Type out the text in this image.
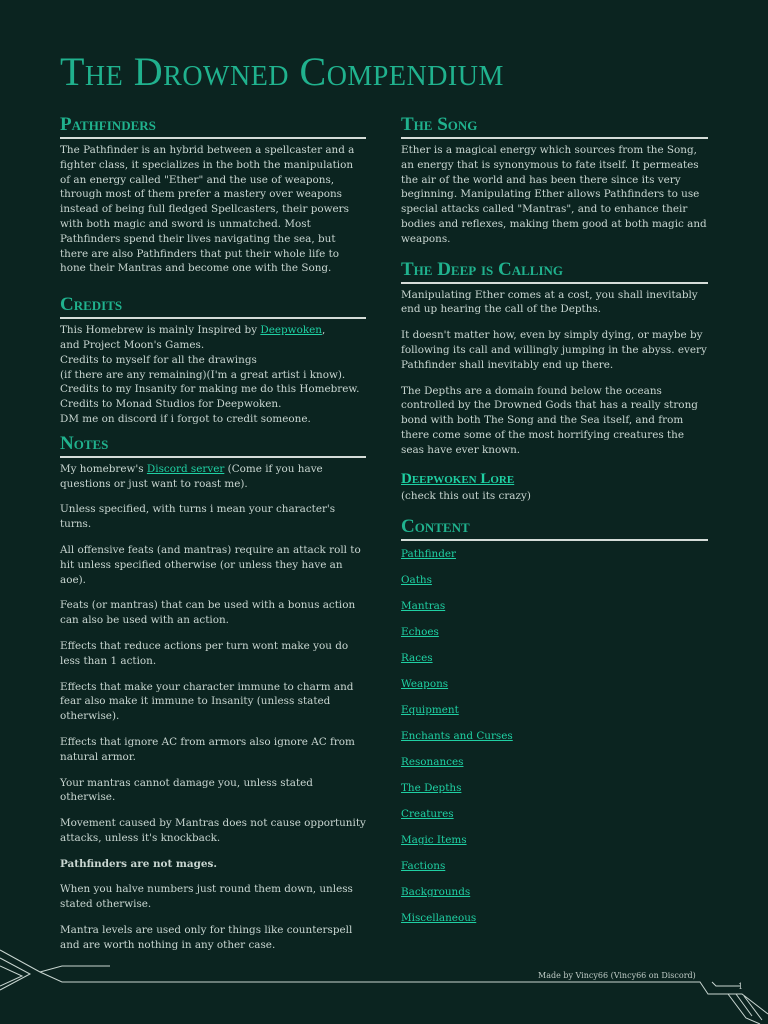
The Drowned Compendium
Pathfinders

The Pathfinder is an hybrid between a spellcaster and a fighter class, it specializes in the both the manipulation of an energy called "Ether" and the use of weapons, through most of them prefer a mastery over weapons instead of being full fledged Spellcasters, their powers with both magic and sword is unmatched. Most Pathfinders spend their lives navigating the sea, but there are also Pathfinders that put their whole life to hone their Mantras and become one with the Song.

Credits

This Homebrew is mainly Inspired by Deepwoken,
and Project Moon's Games.
Credits to myself for all the drawings
(if there are any remaining)(I'm a great artist i know).
Credits to my Insanity for making me do this Homebrew.
Credits to Monad Studios for Deepwoken.
DM me on discord if i forgot to credit someone.

Notes

My homebrew's Discord server (Come if you have questions or just want to roast me).

Unless specified, with turns i mean your character's turns.

All offensive feats (and mantras) require an attack roll to hit unless specified otherwise (or unless they have an aoe).

Feats (or mantras) that can be used with a bonus action can also be used with an action.

Effects that reduce actions per turn wont make you do less than 1 action.

Effects that make your character immune to charm and fear also make it immune to Insanity (unless stated otherwise).

Effects that ignore AC from armors also ignore AC from natural armor.

Your mantras cannot damage you, unless stated otherwise.

Movement caused by Mantras does not cause opportunity attacks, unless it's knockback.

Pathfinders are not mages.

When you halve numbers just round them down, unless stated otherwise.

Mantra levels are used only for things like counterspell and are worth nothing in any other case.

The Song

Ether is a magical energy which sources from the Song, an energy that is synonymous to fate itself. It permeates the air of the world and has been there since its very beginning. Manipulating Ether allows Pathfinders to use special attacks called "Mantras", and to enhance their bodies and reflexes, making them good at both magic and weapons.

The Deep is Calling

Manipulating Ether comes at a cost, you shall inevitably end up hearing the call of the Depths.

It doesn't matter how, even by simply dying, or maybe by following its call and willingly jumping in the abyss. every Pathfinder shall inevitably end up there.

The Depths are a domain found below the oceans controlled by the Drowned Gods that has a really strong bond with both The Song and the Sea itself, and from there come some of the most horrifying creatures the seas have ever known.

Deepwoken Lore

(check this out its crazy)

Content
Pathfinder
Oaths
Mantras
Echoes
Races
Weapons
Equipment
Enchants and Curses
Resonances
The Depths
Creatures
Magic Items
Factions
Backgrounds
Miscellaneous
Made by Vincy66 (Vincy66 on Discord)
1
